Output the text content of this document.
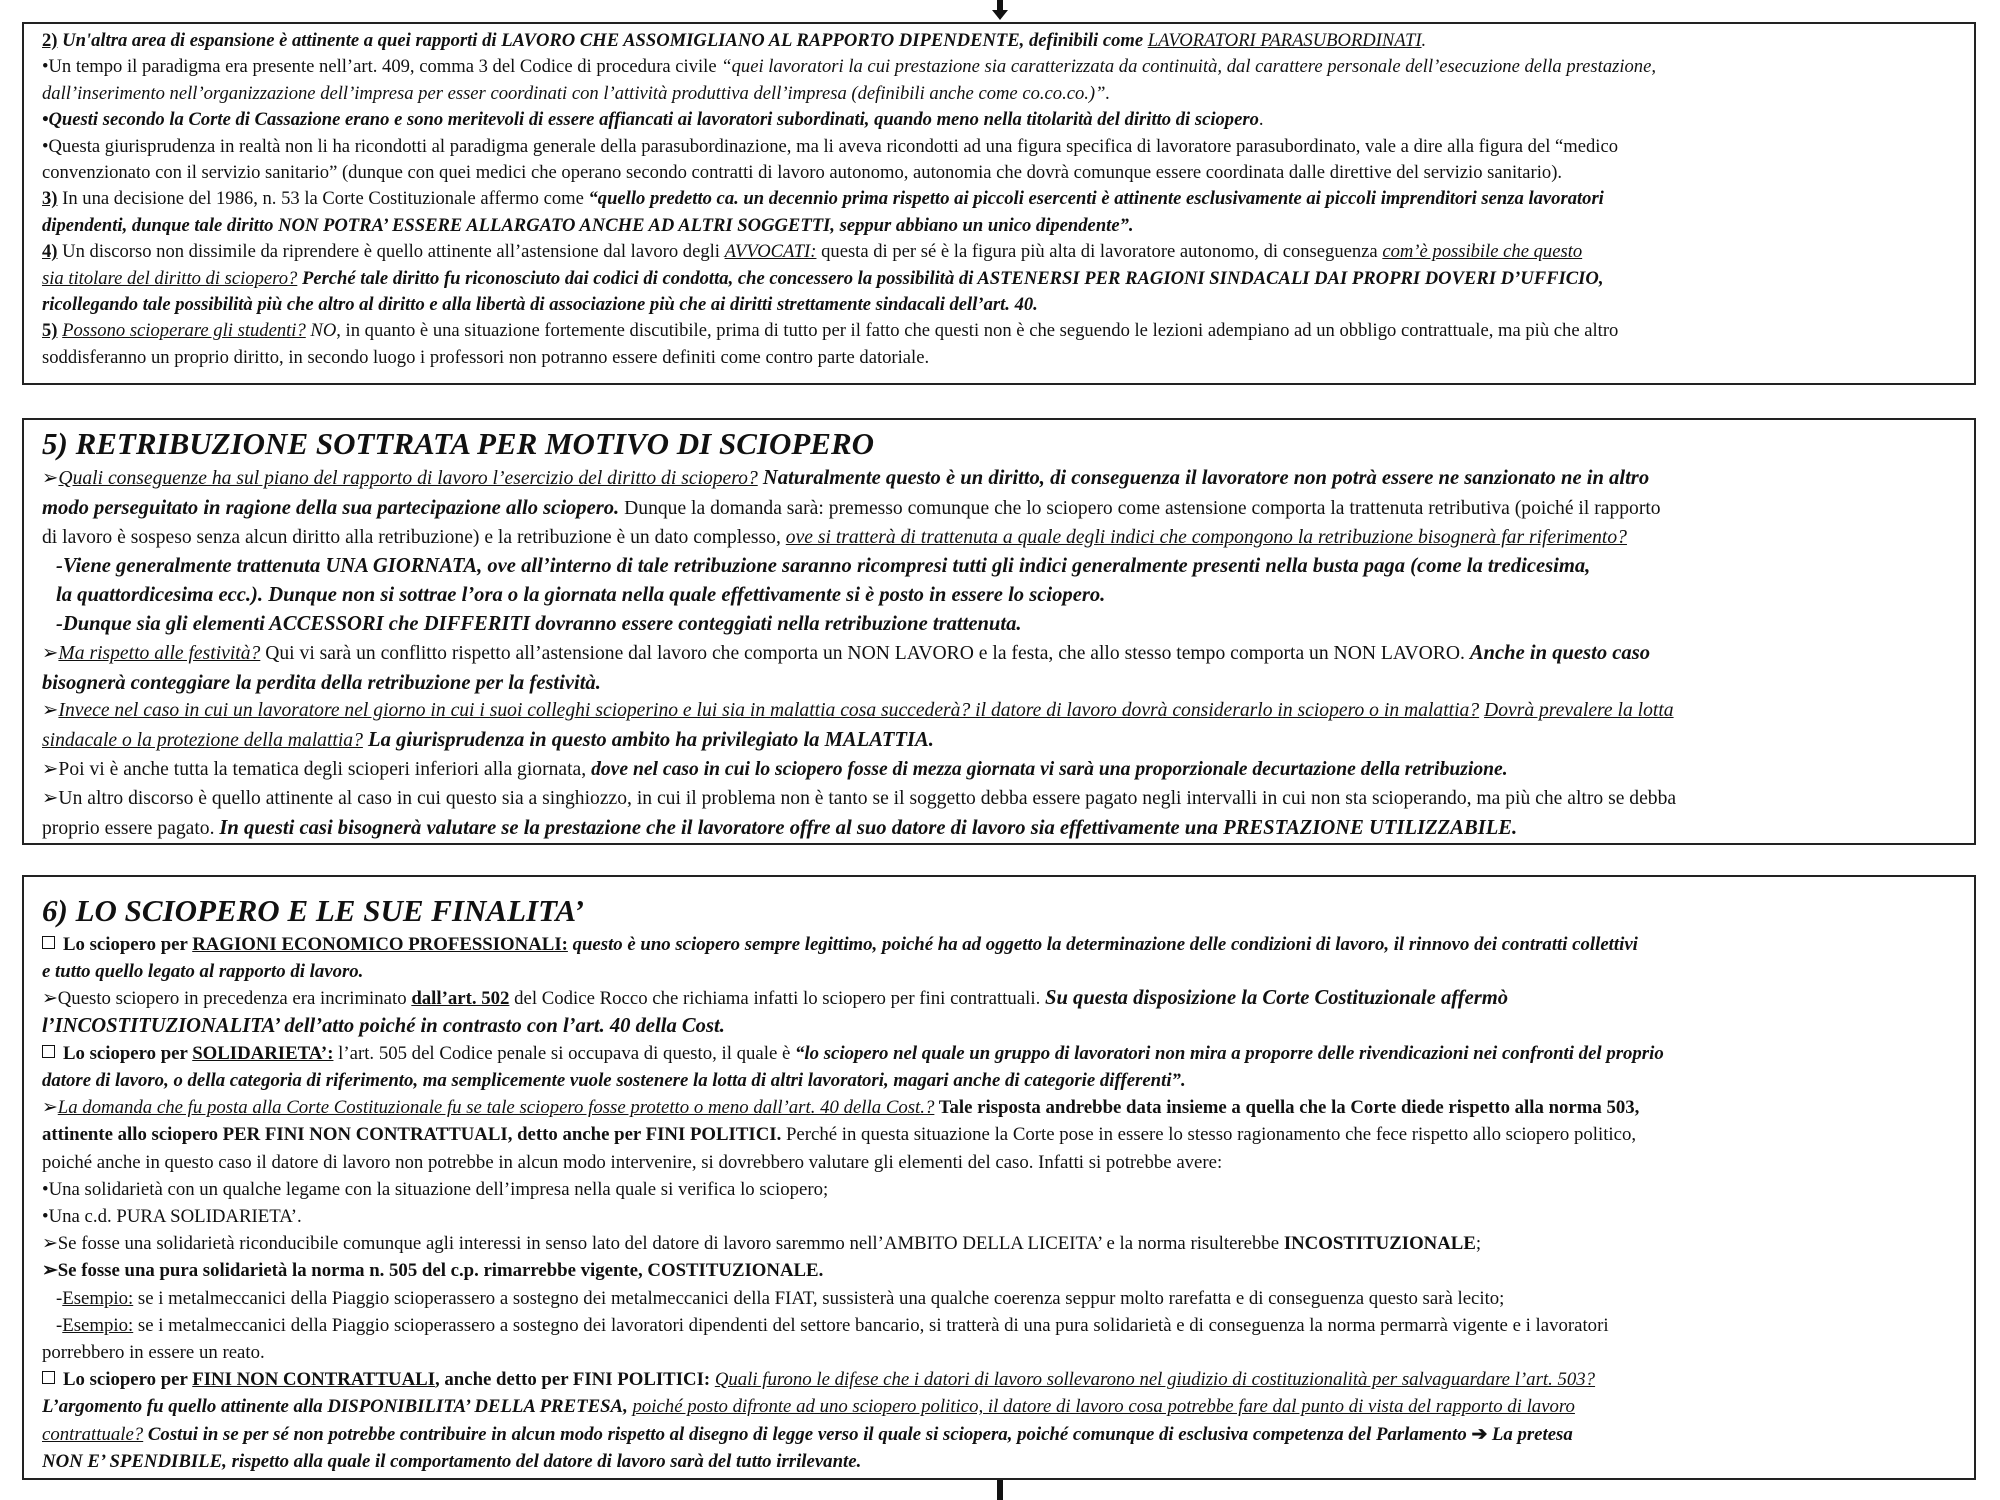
2) Un'altra area di espansione è attinente a quei rapporti di LAVORO CHE ASSOMIGLIANO AL RAPPORTO DIPENDENTE, definibili come LAVORATORI PARASUBORDINATI.
•Un tempo il paradigma era presente nell’art. 409, comma 3 del Codice di procedura civile “quei lavoratori la cui prestazione sia caratterizzata da continuità, dal carattere personale dell’esecuzione della prestazione,
dall’inserimento nell’organizzazione dell’impresa per esser coordinati con l’attività produttiva dell’impresa (definibili anche come co.co.co.)”.
•Questi secondo la Corte di Cassazione erano e sono meritevoli di essere affiancati ai lavoratori subordinati, quando meno nella titolarità del diritto di sciopero.
•Questa giurisprudenza in realtà non li ha ricondotti al paradigma generale della parasubordinazione, ma li aveva ricondotti ad una figura specifica di lavoratore parasubordinato, vale a dire alla figura del “medico
convenzionato con il servizio sanitario” (dunque con quei medici che operano secondo contratti di lavoro autonomo, autonomia che dovrà comunque essere coordinata dalle direttive del servizio sanitario).
3) In una decisione del 1986, n. 53 la Corte Costituzionale affermo come “quello predetto ca. un decennio prima rispetto ai piccoli esercenti è attinente esclusivamente ai piccoli imprenditori senza lavoratori
dipendenti, dunque tale diritto NON POTRA’ ESSERE ALLARGATO ANCHE AD ALTRI SOGGETTI, seppur abbiano un unico dipendente”.
4) Un discorso non dissimile da riprendere è quello attinente all’astensione dal lavoro degli AVVOCATI: questa di per sé è la figura più alta di lavoratore autonomo, di conseguenza com’è possibile che questo
sia titolare del diritto di sciopero? Perché tale diritto fu riconosciuto dai codici di condotta, che concessero la possibilità di ASTENERSI PER RAGIONI SINDACALI DAI PROPRI DOVERI D’UFFICIO,
ricollegando tale possibilità più che altro al diritto e alla libertà di associazione più che ai diritti strettamente sindacali dell’art. 40.
5) Possono scioperare gli studenti? NO, in quanto è una situazione fortemente discutibile, prima di tutto per il fatto che questi non è che seguendo le lezioni adempiano ad un obbligo contrattuale, ma più che altro
soddisferanno un proprio diritto, in secondo luogo i professori non potranno essere definiti come contro parte datoriale.
5) RETRIBUZIONE SOTTRATA PER MOTIVO DI SCIOPERO
➢Quali conseguenze ha sul piano del rapporto di lavoro l’esercizio del diritto di sciopero? Naturalmente questo è un diritto, di conseguenza il lavoratore non potrà essere ne sanzionato ne in altro
modo perseguitato in ragione della sua partecipazione allo sciopero. Dunque la domanda sarà: premesso comunque che lo sciopero come astensione comporta la trattenuta retributiva (poiché il rapporto
di lavoro è sospeso senza alcun diritto alla retribuzione) e la retribuzione è un dato complesso, ove si tratterà di trattenuta a quale degli indici che compongono la retribuzione bisognerà far riferimento?
-Viene generalmente trattenuta UNA GIORNATA, ove all’interno di tale retribuzione saranno ricompresi tutti gli indici generalmente presenti nella busta paga (come la tredicesima,
la quattordicesima ecc.). Dunque non si sottrae l’ora o la giornata nella quale effettivamente si è posto in essere lo sciopero.
-Dunque sia gli elementi ACCESSORI che DIFFERITI dovranno essere conteggiati nella retribuzione trattenuta.
➢Ma rispetto alle festività? Qui vi sarà un conflitto rispetto all’astensione dal lavoro che comporta un NON LAVORO e la festa, che allo stesso tempo comporta un NON LAVORO. Anche in questo caso
bisognerà conteggiare la perdita della retribuzione per la festività.
➢Invece nel caso in cui un lavoratore nel giorno in cui i suoi colleghi scioperino e lui sia in malattia cosa succederà? il datore di lavoro dovrà considerarlo in sciopero o in malattia? Dovrà prevalere la lotta
sindacale o la protezione della malattia? La giurisprudenza in questo ambito ha privilegiato la MALATTIA.
➢Poi vi è anche tutta la tematica degli scioperi inferiori alla giornata, dove nel caso in cui lo sciopero fosse di mezza giornata vi sarà una proporzionale decurtazione della retribuzione.
➢Un altro discorso è quello attinente al caso in cui questo sia a singhiozzo, in cui il problema non è tanto se il soggetto debba essere pagato negli intervalli in cui non sta scioperando, ma più che altro se debba
proprio essere pagato. In questi casi bisognerà valutare se la prestazione che il lavoratore offre al suo datore di lavoro sia effettivamente una PRESTAZIONE UTILIZZABILE.
6) LO SCIOPERO E LE SUE FINALITA’
Lo sciopero per RAGIONI ECONOMICO PROFESSIONALI: questo è uno sciopero sempre legittimo, poiché ha ad oggetto la determinazione delle condizioni di lavoro, il rinnovo dei contratti collettivi
e tutto quello legato al rapporto di lavoro.
➢Questo sciopero in precedenza era incriminato dall’art. 502 del Codice Rocco che richiama infatti lo sciopero per fini contrattuali. Su questa disposizione la Corte Costituzionale affermò
l’INCOSTITUZIONALITA’ dell’atto poiché in contrasto con l’art. 40 della Cost.
Lo sciopero per SOLIDARIETA’: l’art. 505 del Codice penale si occupava di questo, il quale è “lo sciopero nel quale un gruppo di lavoratori non mira a proporre delle rivendicazioni nei confronti del proprio
datore di lavoro, o della categoria di riferimento, ma semplicemente vuole sostenere la lotta di altri lavoratori, magari anche di categorie differenti”.
➢La domanda che fu posta alla Corte Costituzionale fu se tale sciopero fosse protetto o meno dall’art. 40 della Cost.? Tale risposta andrebbe data insieme a quella che la Corte diede rispetto alla norma 503,
attinente allo sciopero PER FINI NON CONTRATTUALI, detto anche per FINI POLITICI. Perché in questa situazione la Corte pose in essere lo stesso ragionamento che fece rispetto allo sciopero politico,
poiché anche in questo caso il datore di lavoro non potrebbe in alcun modo intervenire, si dovrebbero valutare gli elementi del caso. Infatti si potrebbe avere:
•Una solidarietà con un qualche legame con la situazione dell’impresa nella quale si verifica lo sciopero;
•Una c.d. PURA SOLIDARIETA’.
➢Se fosse una solidarietà riconducibile comunque agli interessi in senso lato del datore di lavoro saremmo nell’AMBITO DELLA LICEITA’ e la norma risulterebbe INCOSTITUZIONALE;
➢Se fosse una pura solidarietà la norma n. 505 del c.p. rimarrebbe vigente, COSTITUZIONALE.
-Esempio: se i metalmeccanici della Piaggio scioperassero a sostegno dei metalmeccanici della FIAT, sussisterà una qualche coerenza seppur molto rarefatta e di conseguenza questo sarà lecito;
-Esempio: se i metalmeccanici della Piaggio scioperassero a sostegno dei lavoratori dipendenti del settore bancario, si tratterà di una pura solidarietà e di conseguenza la norma permarrà vigente e i lavoratori
porrebbero in essere un reato.
Lo sciopero per FINI NON CONTRATTUALI, anche detto per FINI POLITICI: Quali furono le difese che i datori di lavoro sollevarono nel giudizio di costituzionalità per salvaguardare l’art. 503?
L’argomento fu quello attinente alla DISPONIBILITA’ DELLA PRETESA, poiché posto difronte ad uno sciopero politico, il datore di lavoro cosa potrebbe fare dal punto di vista del rapporto di lavoro
contrattuale? Costui in se per sé non potrebbe contribuire in alcun modo rispetto al disegno di legge verso il quale si sciopera, poiché comunque di esclusiva competenza del Parlamento ➔ La pretesa
NON E’ SPENDIBILE, rispetto alla quale il comportamento del datore di lavoro sarà del tutto irrilevante.
